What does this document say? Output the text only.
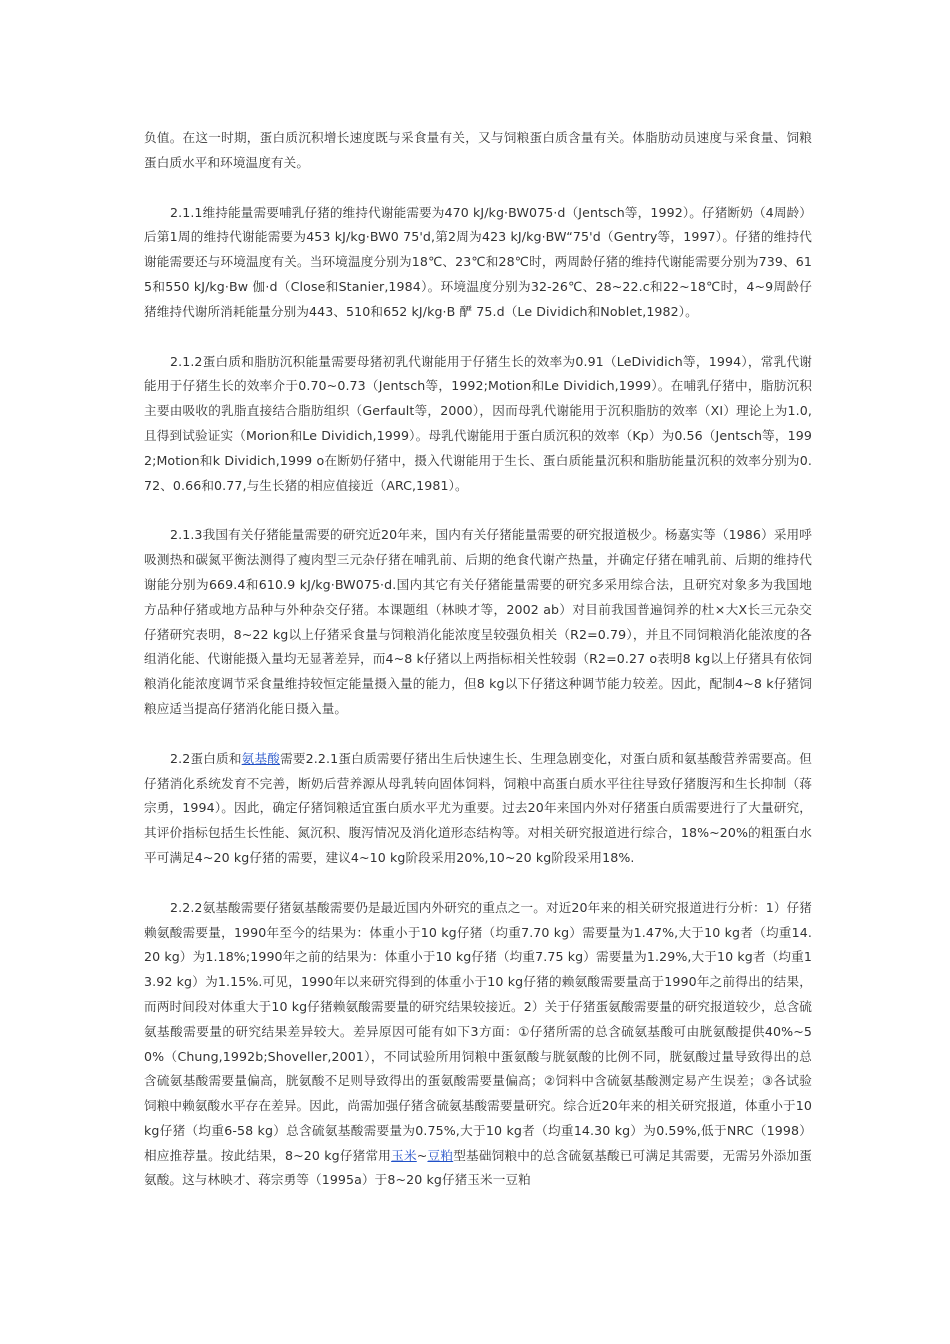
负值。在这一时期，蛋白质沉积增长速度既与采食量有关，又与饲粮蛋白质含量有关。体脂肪动员速度与采食量、饲粮蛋白质水平和环境温度有关。

2.1.1维持能量需要哺乳仔猪的维持代谢能需要为470 kJ/kg·BW075·d（Jentsch等，1992）。仔猪断奶（4周龄）后第1周的维持代谢能需要为453 kJ/kg·BW0 75'd,第2周为423 kJ/kg·BW“75'd（Gentry等，1997）。仔猪的维持代谢能需要还与环境温度有关。当环境温度分别为18℃、23℃和28℃时，两周龄仔猪的维持代谢能需要分别为739、615和550 kJ/kg·Bw 伽·d（Close和Stanier,1984）。环境温度分别为32-26℃、28~22.c和22~18℃时，4~9周龄仔猪维持代谢所消耗能量分别为443、510和652 kJ/kg·B 酽 75.d（Le Dividich和Noblet,1982）。

2.1.2蛋白质和脂肪沉积能量需要母猪初乳代谢能用于仔猪生长的效率为0.91（LeDividich等，1994），常乳代谢能用于仔猪生长的效率介于0.70~0.73（Jentsch等，1992;Motion和Le Dividich,1999）。在哺乳仔猪中，脂肪沉积主要由吸收的乳脂直接结合脂肪组织（Gerfault等，2000），因而母乳代谢能用于沉积脂肪的效率（XI）理论上为1.0,且得到试验证实（Morion和Le Dividich,1999）。母乳代谢能用于蛋白质沉积的效率（Kp）为0.56（Jentsch等，1992;Motion和k Dividich,1999 o在断奶仔猪中，摄入代谢能用于生长、蛋白质能量沉积和脂肪能量沉积的效率分别为0.72、0.66和0.77,与生长猪的相应值接近（ARC,1981）。

2.1.3我国有关仔猪能量需要的研究近20年来，国内有关仔猪能量需要的研究报道极少。杨嘉实等（1986）采用呼吸测热和碳氮平衡法测得了瘦肉型三元杂仔猪在哺乳前、后期的绝食代谢产热量，并确定仔猪在哺乳前、后期的维持代谢能分别为669.4和610.9 kJ/kg·BW075·d.国内其它有关仔猪能量需要的研究多采用综合法，且研究对象多为我国地方品种仔猪或地方品种与外种杂交仔猪。本课题组（林映才等，2002 ab）对目前我国普遍饲养的杜×大X长三元杂交仔猪研究表明，8~22 kg以上仔猪采食量与饲粮消化能浓度呈较强负相关（R2=0.79），并且不同饲粮消化能浓度的各组消化能、代谢能摄入量均无显著差异，而4~8 k仔猪以上两指标相关性较弱（R2=0.27 o表明8 kg以上仔猪具有依饲粮消化能浓度调节采食量维持较恒定能量摄入量的能力，但8 kg以下仔猪这种调节能力较差。因此，配制4~8 k仔猪饲粮应适当提高仔猪消化能日摄入量。

2.2蛋白质和氨基酸需要2.2.1蛋白质需要仔猪出生后快速生长、生理急剧变化，对蛋白质和氨基酸营养需要高。但仔猪消化系统发育不完善，断奶后营养源从母乳转向固体饲料，饲粮中高蛋白质水平往往导致仔猪腹泻和生长抑制（蒋宗勇，1994）。因此，确定仔猪饲粮适宜蛋白质水平尤为重要。过去20年来国内外对仔猪蛋白质需要进行了大量研究，其评价指标包括生长性能、氮沉积、腹泻情况及消化道形态结构等。对相关研究报道进行综合，18%~20%的粗蛋白水平可满足4~20 kg仔猪的需要，建议4~10 kg阶段采用20%,10~20 kg阶段采用18%.

2.2.2氨基酸需要仔猪氨基酸需要仍是最近国内外研究的重点之一。对近20年来的相关研究报道进行分析：1）仔猪赖氨酸需要量，1990年至今的结果为：体重小于10 kg仔猪（均重7.70 kg）需要量为1.47%,大于10 kg者（均重14.20 kg）为1.18%;1990年之前的结果为：体重小于10 kg仔猪（均重7.75 kg）需要量为1.29%,大于10 kg者（均重13.92 kg）为1.15%.可见，1990年以来研究得到的体重小于10 kg仔猪的赖氨酸需要量高于1990年之前得出的结果，而两时间段对体重大于10 kg仔猪赖氨酸需要量的研究结果较接近。2）关于仔猪蛋氨酸需要量的研究报道较少，总含硫氨基酸需要量的研究结果差异较大。差异原因可能有如下3方面：①仔猪所需的总含硫氨基酸可由胱氨酸提供40%~50%（Chung,1992b;Shoveller,2001），不同试验所用饲粮中蛋氨酸与胱氨酸的比例不同，胱氨酸过量导致得出的总含硫氨基酸需要量偏高，胱氨酸不足则导致得出的蛋氨酸需要量偏高；②饲料中含硫氨基酸测定易产生误差；③各试验饲粮中赖氨酸水平存在差异。因此，尚需加强仔猪含硫氨基酸需要量研究。综合近20年来的相关研究报道，体重小于10 kg仔猪（均重6-58 kg）总含硫氨基酸需要量为0.75%,大于10 kg者（均重14.30 kg）为0.59%,低于NRC（1998）相应推荐量。按此结果，8~20 kg仔猪常用玉米~豆粕型基础饲粮中的总含硫氨基酸已可满足其需要，无需另外添加蛋氨酸。这与林映才、蒋宗勇等（1995a）于8~20 kg仔猪玉米一豆粕
